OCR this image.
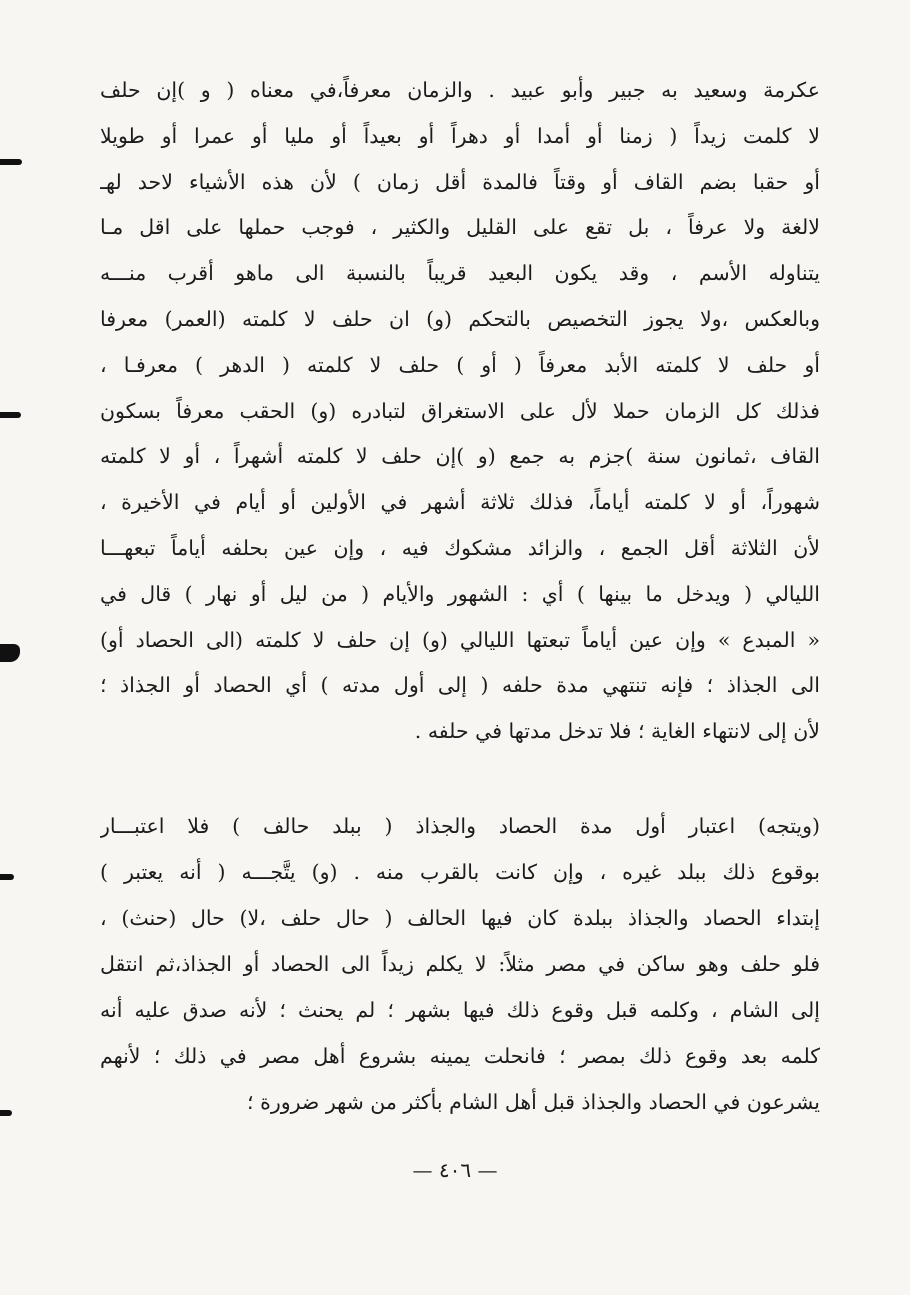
عكرمة وسعيد به جبير وأبو عبيد . والزمان معرفاً،في معناه ( و )إن حلف
لا كلمت زيداً ( زمنا أو أمدا أو دهراً أو بعيداً أو مليا أو عمرا أو طويلا
أو حقبا بضم القاف أو وقتاً فالمدة أقل زمان ) لأن هذه الأشياء لاحد لهـ
لالغة ولا عرفاً ، بل تقع على القليل والكثير ، فوجب حملها على اقل مـا
يتناوله الأسم ، وقد يكون البعيد قريباً بالنسبة الى ماهو أقرب منـــه
وبالعكس ،ولا يجوز التخصيص بالتحكم (و) ان حلف لا كلمته (العمر) معرفا
أو حلف لا كلمته الأبد معرفاً ( أو ) حلف لا كلمته ( الدهر ) معرفـا ،
فذلك كل الزمان حملا لأل على الاستغراق لتبادره (و) الحقب معرفاً بسكون
القاف ،ثمانون سنة )جزم به جمع (و )إن حلف لا كلمته أشهراً ، أو لا كلمته
شهوراً، أو لا كلمته أياماً، فذلك ثلاثة أشهر في الأولين أو أيام في الأخيرة ،
لأن الثلاثة أقل الجمع ، والزائد مشكوك فيه ، وإن عين بحلفه أياماً تبعهـــا
الليالي ( ويدخل ما بينها ) أي : الشهور والأيام ( من ليل أو نهار ) قال في
« المبدع » وإن عين أياماً تبعتها الليالي (و) إن حلف لا كلمته (الى الحصاد أو)
الى الجذاذ ؛ فإنه تنتهي مدة حلفه ( إلى أول مدته ) أي الحصاد أو الجذاذ ؛
لأن إلى لانتهاء الغاية ؛ فلا تدخل مدتها في حلفه .
(ويتجه) اعتبار أول مدة الحصاد والجذاذ ( ببلد حالف ) فلا اعتبـــار
بوقوع ذلك ببلد غيره ، وإن كانت بالقرب منه . (و) يتَّجـــه ( أنه يعتبر )
إبتداء الحصاد والجذاذ ببلدة كان فيها الحالف ( حال حلف ،لا) حال (حنث) ،
فلو حلف وهو ساكن في مصر مثلاً: لا يكلم زيداً الى الحصاد أو الجذاذ،ثم انتقل
إلى الشام ، وكلمه قبل وقوع ذلك فيها بشهر ؛ لم يحنث ؛ لأنه صدق عليه أنه
كلمه بعد وقوع ذلك بمصر ؛ فانحلت يمينه بشروع أهل مصر في ذلك ؛ لأنهم
يشرعون في الحصاد والجذاذ قبل أهل الشام بأكثر من شهر ضرورة ؛
— ٤٠٦ —
